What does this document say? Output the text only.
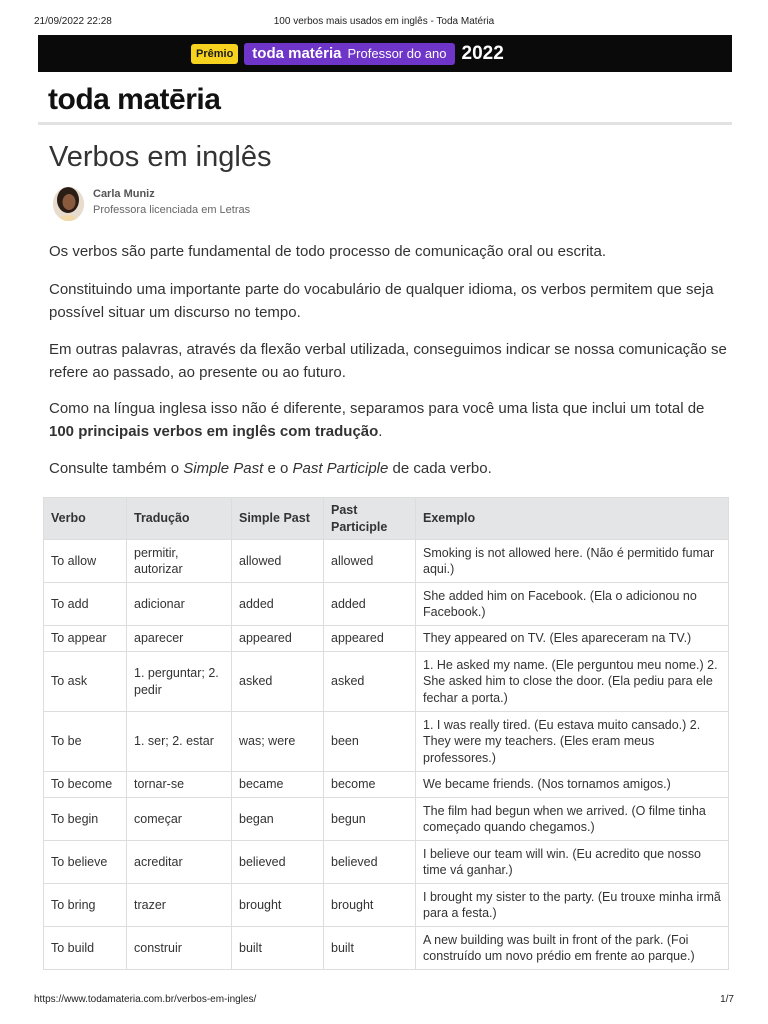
21/09/2022 22:28	100 verbos mais usados em inglês - Toda Matéria
Prêmio	toda matéria Professor do ano 2022
toda matēria
Verbos em inglês
Carla Muniz
Professora licenciada em Letras

Os verbos são parte fundamental de todo processo de comunicação oral ou escrita.

Constituindo uma importante parte do vocabulário de qualquer idioma, os verbos permitem que seja possível situar um discurso no tempo.

Em outras palavras, através da flexão verbal utilizada, conseguimos indicar se nossa comunicação se refere ao passado, ao presente ou ao futuro.

Como na língua inglesa isso não é diferente, separamos para você uma lista que inclui um total de 100 principais verbos em inglês com tradução.

Consulte também o Simple Past e o Past Participle de cada verbo.

Verbo	Tradução	Simple Past	Past Participle	Exemplo
To allow	permitir, autorizar	allowed	allowed	Smoking is not allowed here. (Não é permitido fumar aqui.)
To add	adicionar	added	added	She added him on Facebook. (Ela o adicionou no Facebook.)
To appear	aparecer	appeared	appeared	They appeared on TV. (Eles apareceram na TV.)
To ask	1. perguntar; 2. pedir	asked	asked	1. He asked my name. (Ele perguntou meu nome.) 2. She asked him to close the door. (Ela pediu para ele fechar a porta.)
To be	1. ser; 2. estar	was; were	been	1. I was really tired. (Eu estava muito cansado.) 2. They were my teachers. (Eles eram meus professores.)
To become	tornar-se	became	become	We became friends. (Nos tornamos amigos.)
To begin	começar	began	begun	The film had begun when we arrived. (O filme tinha começado quando chegamos.)
To believe	acreditar	believed	believed	I believe our team will win. (Eu acredito que nosso time vá ganhar.)
To bring	trazer	brought	brought	I brought my sister to the party. (Eu trouxe minha irmã para a festa.)
To build	construir	built	built	A new building was built in front of the park. (Foi construído um novo prédio em frente ao parque.)
https://www.todamateria.com.br/verbos-em-ingles/	1/7
